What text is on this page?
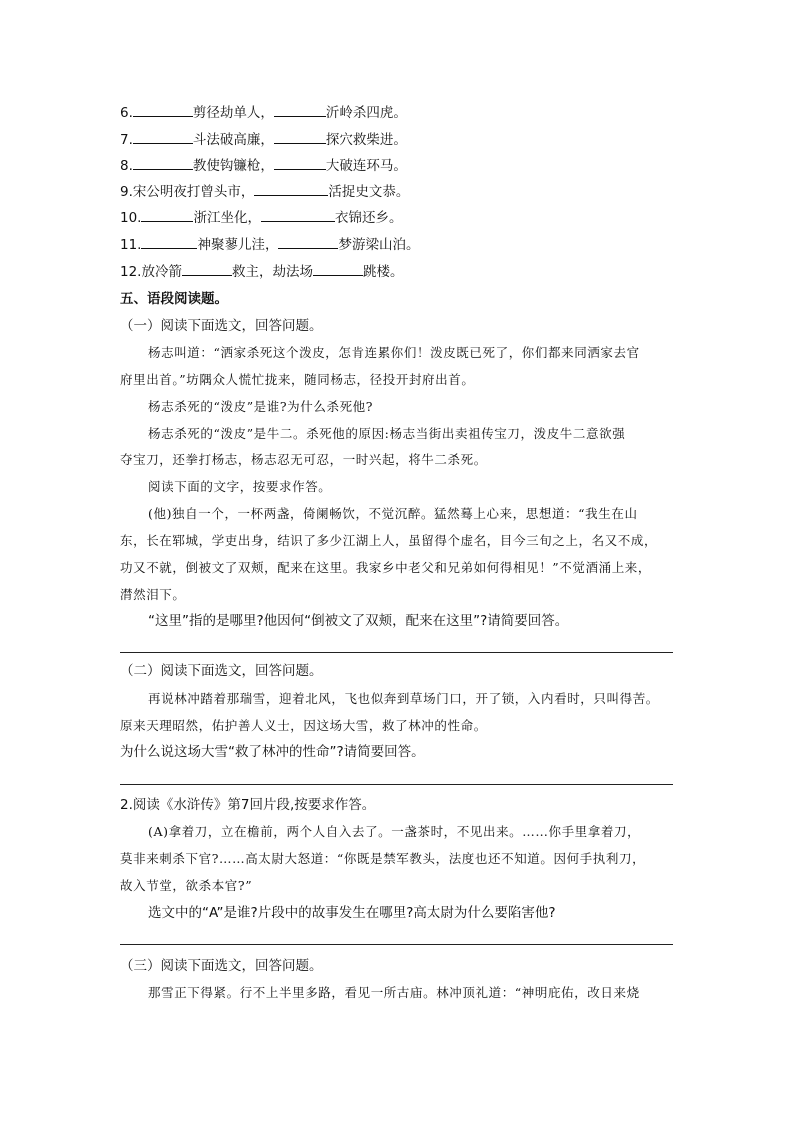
6.	剪径劫单人，	沂岭杀四虎。
7.	斗法破高廉，	探穴救柴进。
8.	教使钩镰枪，	大破连环马。
9.宋公明夜打曾头市，	活捉史文恭。
10.	浙江坐化，	衣锦还乡。
11.	神聚蓼儿洼，	梦游梁山泊。
12.放冷箭	救主，劫法场	跳楼。
五、语段阅读题。
（一）阅读下面选文，回答问题。
杨志叫道：“洒家杀死这个泼皮，怎肯连累你们！泼皮既已死了，你们都来同洒家去官
府里出首。”坊隅众人慌忙拢来，随同杨志，径投开封府出首。
杨志杀死的“泼皮”是谁?为什么杀死他?
杨志杀死的“泼皮”是牛二。杀死他的原因:杨志当街出卖祖传宝刀，泼皮牛二意欲强
夺宝刀，还拳打杨志，杨志忍无可忍，一时兴起，将牛二杀死。
阅读下面的文字，按要求作答。
(他)独自一个，一杯两盏，倚阑畅饮，不觉沉醉。猛然蓦上心来，思想道：“我生在山
东，长在郓城，学吏出身，结识了多少江湖上人，虽留得个虚名，目今三旬之上，名又不成，
功又不就，倒被文了双颊，配来在这里。我家乡中老父和兄弟如何得相见！”不觉酒涌上来，
潸然泪下。
“这里”指的是哪里?他因何“倒被文了双颊，配来在这里”?请简要回答。
（二）阅读下面选文，回答问题。
再说林冲踏着那瑞雪，迎着北风，飞也似奔到草场门口，开了锁，入内看时，只叫得苦。
原来天理昭然，佑护善人义士，因这场大雪，救了林冲的性命。
为什么说这场大雪“救了林冲的性命”?请简要回答。
2.阅读《水浒传》第7回片段,按要求作答。
(A)拿着刀，立在檐前，两个人自入去了。一盏茶时，不见出来。……你手里拿着刀，
莫非来刺杀下官?……高太尉大怒道：“你既是禁军教头，法度也还不知道。因何手执利刀，
故入节堂，欲杀本官?”
选文中的“A”是谁?片段中的故事发生在哪里?高太尉为什么要陷害他?
（三）阅读下面选文，回答问题。
那雪正下得紧。行不上半里多路，看见一所古庙。林冲顶礼道：“神明庇佑，改日来烧
